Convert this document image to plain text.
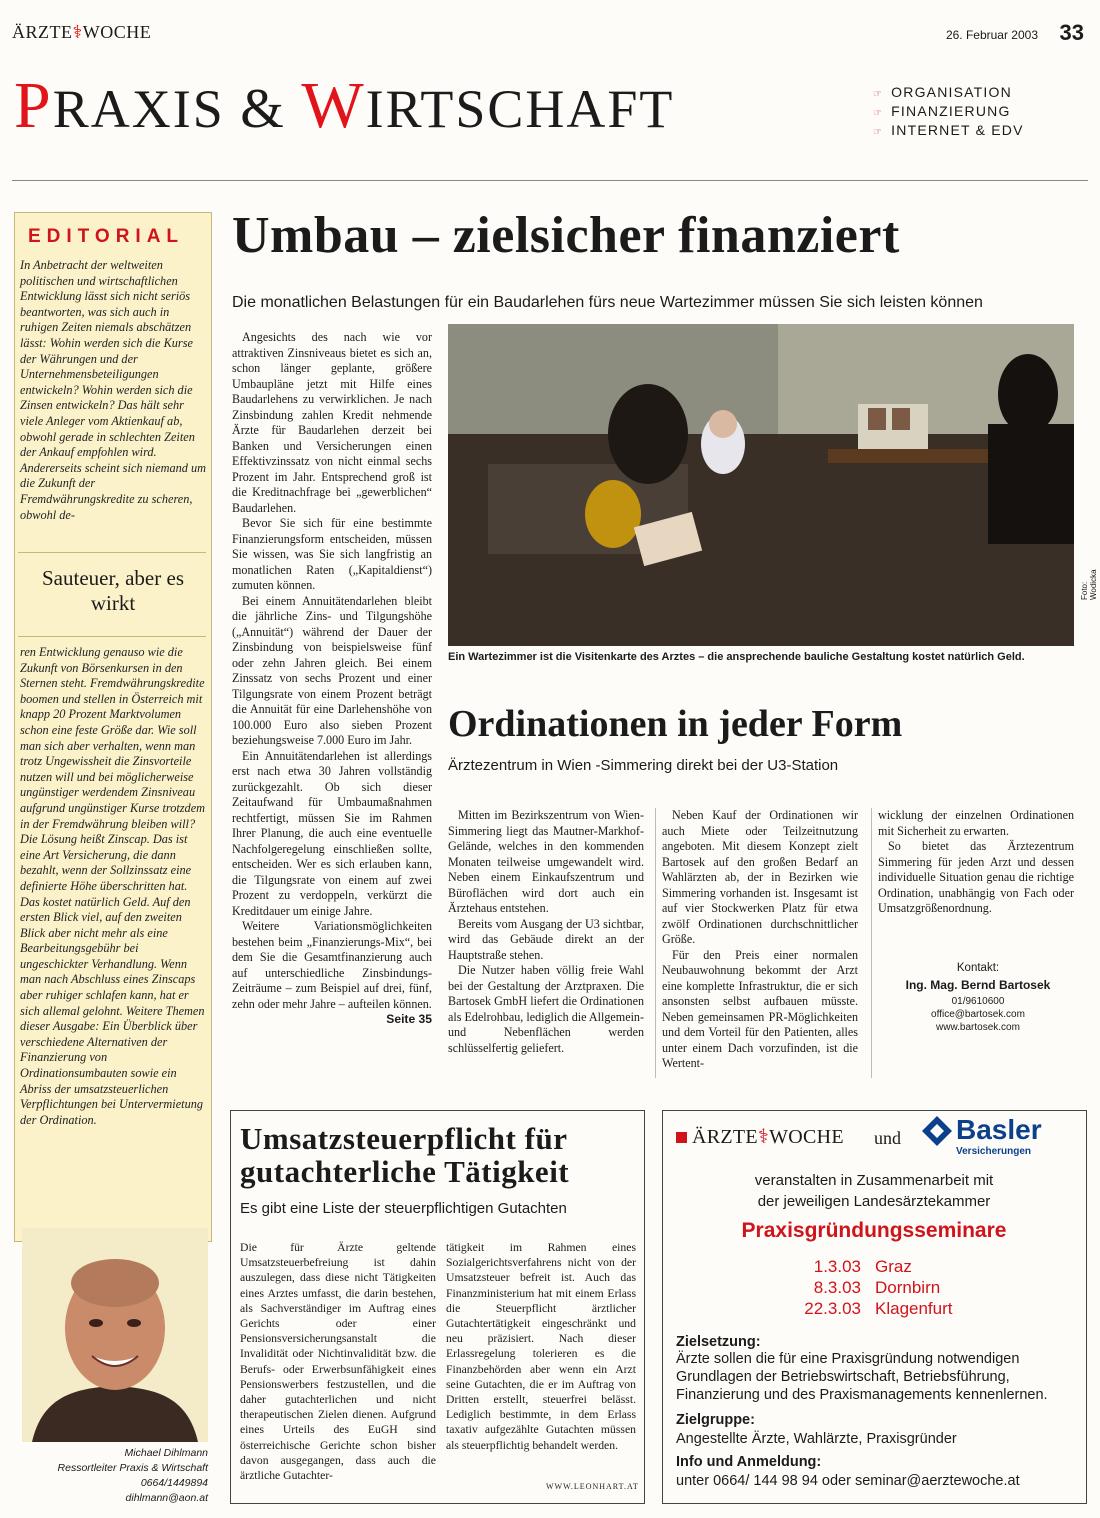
ÄRZTE⚕WOCHE	26. Februar 2003 33
PRAXIS & WIRTSCHAFT	☞ ORGANISATION
☞ FINANZIERUNG
☞ INTERNET & EDV
EDITORIAL
In Anbetracht der weltweiten politischen und wirtschaftlichen Entwicklung lässt sich nicht seriös beantworten, was sich auch in ruhigen Zeiten niemals abschätzen lässt: Wohin werden sich die Kurse der Währungen und der Unternehmensbeteiligungen entwickeln? Wohin werden sich die Zinsen entwickeln? Das hält sehr viele Anleger vom Aktienkauf ab, obwohl gerade in schlechten Zeiten der Ankauf empfohlen wird. Andererseits scheint sich niemand um die Zukunft der Fremdwährungskredite zu scheren, obwohl de-
Sauteuer, aber es wirkt
ren Entwicklung genauso wie die Zukunft von Börsenkursen in den Sternen steht. Fremdwährungskredite boomen und stellen in Österreich mit knapp 20 Prozent Marktvolumen schon eine feste Größe dar. Wie soll man sich aber verhalten, wenn man trotz Ungewissheit die Zinsvorteile nutzen will und bei möglicherweise ungünstiger werdendem Zinsniveau aufgrund ungünstiger Kurse trotzdem in der Fremdwährung bleiben will? Die Lösung heißt Zinscap. Das ist eine Art Versicherung, die dann bezahlt, wenn der Sollzinssatz eine definierte Höhe überschritten hat. Das kostet natürlich Geld. Auf den ersten Blick viel, auf den zweiten Blick aber nicht mehr als eine Bearbeitungsgebühr bei ungeschickter Verhandlung. Wenn man nach Abschluss eines Zinscaps aber ruhiger schlafen kann, hat er sich allemal gelohnt. Weitere Themen dieser Ausgabe: Ein Überblick über verschiedene Alternativen der Finanzierung von Ordinationsumbauten sowie ein Abriss der umsatzsteuerlichen Verpflichtungen bei Untervermietung der Ordination.
Michael Dihlmann
Ressortleiter Praxis & Wirtschaft
0664/1449894
dihlmann@aon.at
Umbau – zielsicher finanziert
Die monatlichen Belastungen für ein Baudarlehen fürs neue Wartezimmer müssen Sie sich leisten können

Angesichts des nach wie vor attraktiven Zinsniveaus bietet es sich an, schon länger geplante, größere Umbaupläne jetzt mit Hilfe eines Baudarlehens zu verwirklichen. Je nach Zinsbindung zahlen Kredit nehmende Ärzte für Baudarlehen derzeit bei Banken und Versicherungen einen Effektivzinssatz von nicht einmal sechs Prozent im Jahr. Entsprechend groß ist die Kreditnachfrage bei „gewerblichen“ Baudarlehen.

Bevor Sie sich für eine bestimmte Finanzierungsform entscheiden, müssen Sie wissen, was Sie sich langfristig an monatlichen Raten („Kapitaldienst“) zumuten können.

Bei einem Annuitätendarlehen bleibt die jährliche Zins- und Tilgungshöhe („Annuität“) während der Dauer der Zinsbindung von beispielsweise fünf oder zehn Jahren gleich. Bei einem Zinssatz von sechs Prozent und einer Tilgungsrate von einem Prozent beträgt die Annuität für eine Darlehenshöhe von 100.000 Euro also sieben Prozent beziehungsweise 7.000 Euro im Jahr.

Ein Annuitätendarlehen ist allerdings erst nach etwa 30 Jahren vollständig zurückgezahlt. Ob sich dieser Zeitaufwand für Umbaumaßnahmen rechtfertigt, müssen Sie im Rahmen Ihrer Planung, die auch eine eventuelle Nachfolgeregelung einschließen sollte, entscheiden. Wer es sich erlauben kann, die Tilgungsrate von einem auf zwei Prozent zu verdoppeln, verkürzt die Kreditdauer um einige Jahre.

Weitere Variationsmöglichkeiten bestehen beim „Finanzierungs-Mix“, bei dem Sie die Gesamtfinanzierung auch auf unterschiedliche Zinsbindungs-Zeiträume – zum Beispiel auf drei, fünf, zehn oder mehr Jahre – aufteilen können.
Seite 35

Ein Wartezimmer ist die Visitenkarte des Arztes – die ansprechende bauliche Gestaltung kostet natürlich Geld.
Foto: Wodicka
Ordinationen in jeder Form
Ärztezentrum in Wien -Simmering direkt bei der U3-Station

Mitten im Bezirkszentrum von Wien-Simmering liegt das Mautner-Markhof-Gelände, welches in den kommenden Monaten teilweise umgewandelt wird. Neben einem Einkaufszentrum und Büroflächen wird dort auch ein Ärztehaus entstehen.

Bereits vom Ausgang der U3 sichtbar, wird das Gebäude direkt an der Hauptstraße stehen.

Die Nutzer haben völlig freie Wahl bei der Gestaltung der Arztpraxen. Die Bartosek GmbH liefert die Ordinationen als Edelrohbau, lediglich die Allgemein- und Nebenflächen werden schlüsselfertig geliefert.

Neben Kauf der Ordinationen wir auch Miete oder Teilzeitnutzung angeboten. Mit diesem Konzept zielt Bartosek auf den großen Bedarf an Wahlärzten ab, der in Bezirken wie Simmering vorhanden ist. Insgesamt ist auf vier Stockwerken Platz für etwa zwölf Ordinationen durchschnittlicher Größe.

Für den Preis einer normalen Neubauwohnung bekommt der Arzt eine komplette Infrastruktur, die er sich ansonsten selbst aufbauen müsste. Neben gemeinsamen PR-Möglichkeiten und dem Vorteil für den Patienten, alles unter einem Dach vorzufinden, ist die Wertent-

wicklung der einzelnen Ordinationen mit Sicherheit zu erwarten.

So bietet das Ärztezentrum Simmering für jeden Arzt und dessen individuelle Situation genau die richtige Ordination, unabhängig von Fach oder Umsatzgrößenordnung.

Kontakt:
Ing. Mag. Bernd Bartosek
01/9610600
office@bartosek.com
www.bartosek.com
Umsatzsteuerpflicht für
gutachterliche Tätigkeit
Es gibt eine Liste der steuerpflichtigen Gutachten
Die für Ärzte geltende Umsatzsteuerbefreiung ist dahin auszulegen, dass diese nicht Tätigkeiten eines Arztes umfasst, die darin bestehen, als Sachverständiger im Auftrag eines Gerichts oder einer Pensionsversicherungsanstalt die Invalidität oder Nichtinvalidität bzw. die Berufs- oder Erwerbsunfähigkeit eines Pensionswerbers festzustellen, und die daher gutachterlichen und nicht therapeutischen Zielen dienen. Aufgrund eines Urteils des EuGH sind österreichische Gerichte schon bisher davon ausgegangen, dass auch die ärztliche Gutachter-
tätigkeit im Rahmen eines Sozialgerichtsverfahrens nicht von der Umsatzsteuer befreit ist. Auch das Finanzministerium hat mit einem Erlass die Steuerpflicht ärztlicher Gutachtertätigkeit eingeschränkt und neu präzisiert. Nach dieser Erlassregelung tolerieren es die Finanzbehörden aber wenn ein Arzt seine Gutachten, die er im Auftrag von Dritten erstellt, steuerfrei belässt. Lediglich bestimmte, in dem Erlass taxativ aufgezählte Gutachten müssen als steuerpflichtig behandelt werden.
WWW.LEONHART.AT
ÄRZTE⚕WOCHE und Basler
Versicherungen
veranstalten in Zusammenarbeit mit
der jeweiligen Landesärztekammer
Praxisgründungsseminare
1.3.03 Graz
8.3.03 Dornbirn
22.3.03 Klagenfurt
Zielsetzung:
Ärzte sollen die für eine Praxisgründung notwendigen Grundlagen der Betriebswirtschaft, Betriebsführung, Finanzierung und des Praxismanagements kennenlernen.
Zielgruppe:
Angestellte Ärzte, Wahlärzte, Praxisgründer
Info und Anmeldung:
unter 0664/ 144 98 94 oder seminar@aerztewoche.at
